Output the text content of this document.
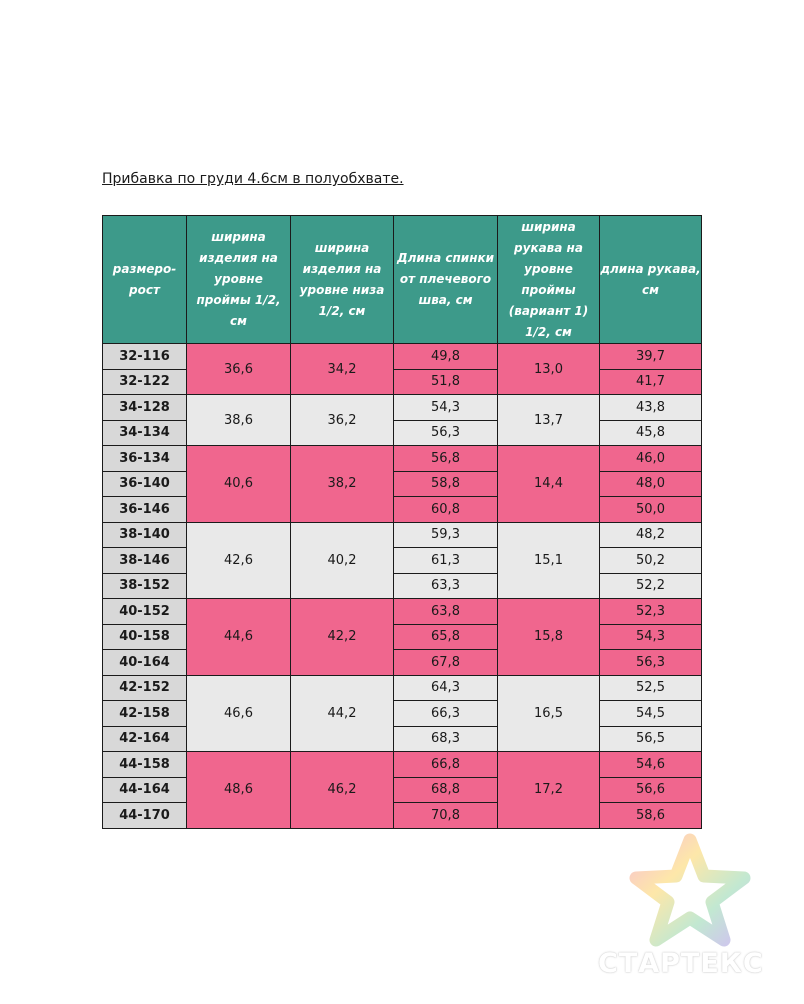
Прибавка по груди 4.6см в полуобхвате.
размеро-рост	ширина изделия на уровне проймы 1/2, см	ширина изделия на уровне низа 1/2, см	Длина спинки от плечевого шва, см	ширина рукава на уровне проймы (вариант 1) 1/2, см	длина рукава, см
32-116	36,6	34,2	49,8	13,0	39,7
32-122			51,8		41,7
34-128	38,6	36,2	54,3	13,7	43,8
34-134			56,3		45,8
36-134	40,6	38,2	56,8	14,4	46,0
36-140			58,8		48,0
36-146			60,8		50,0
38-140	42,6	40,2	59,3	15,1	48,2
38-146			61,3		50,2
38-152			63,3		52,2
40-152	44,6	42,2	63,8	15,8	52,3
40-158			65,8		54,3
40-164			67,8		56,3
42-152	46,6	44,2	64,3	16,5	52,5
42-158			66,3		54,5
42-164			68,3		56,5
44-158	48,6	46,2	66,8	17,2	54,6
44-164			68,8		56,6
44-170			70,8		58,6
СТАРТЕКС
